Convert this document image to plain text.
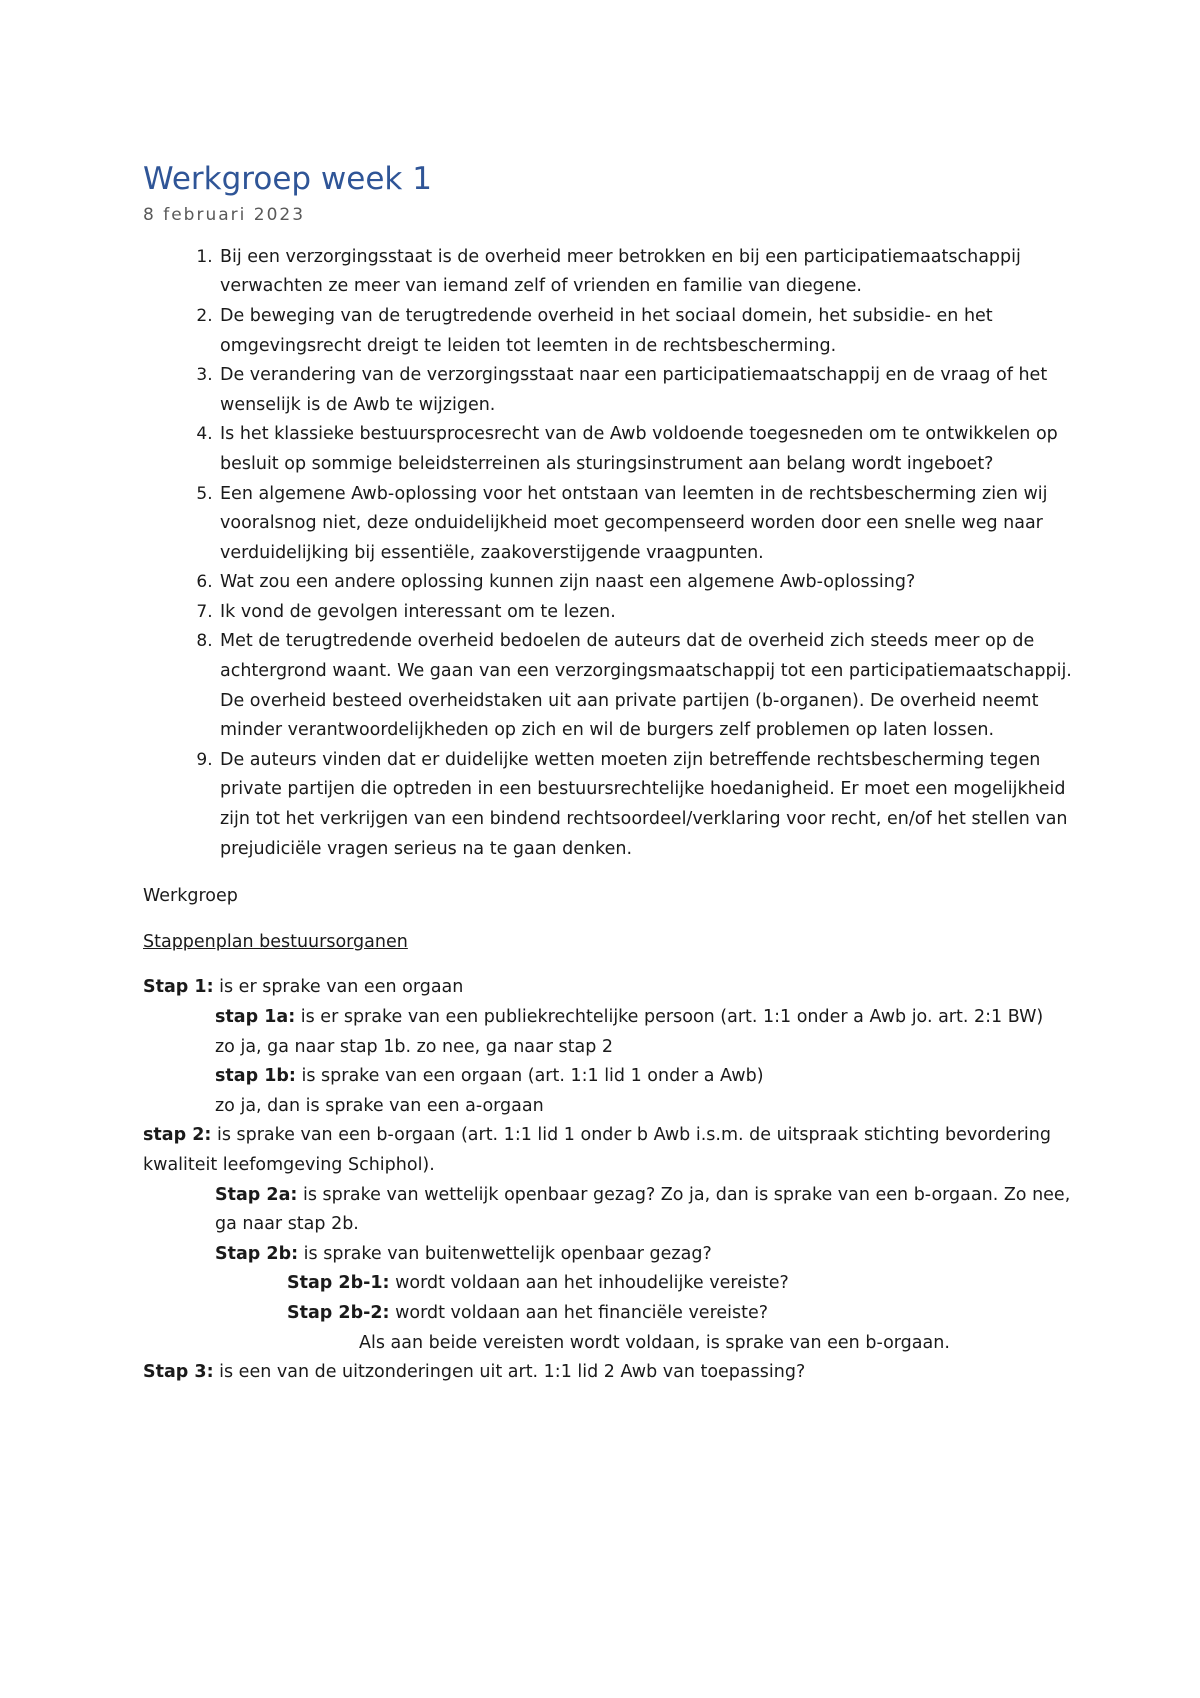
Werkgroep week 1
8 februari 2023
1. Bij een verzorgingsstaat is de overheid meer betrokken en bij een participatiemaatschappij verwachten ze meer van iemand zelf of vrienden en familie van diegene.
2. De beweging van de terugtredende overheid in het sociaal domein, het subsidie- en het omgevingsrecht dreigt te leiden tot leemten in de rechtsbescherming.
3. De verandering van de verzorgingsstaat naar een participatiemaatschappij en de vraag of het wenselijk is de Awb te wijzigen.
4. Is het klassieke bestuursprocesrecht van de Awb voldoende toegesneden om te ontwikkelen op besluit op sommige beleidsterreinen als sturingsinstrument aan belang wordt ingeboet?
5. Een algemene Awb-oplossing voor het ontstaan van leemten in de rechtsbescherming zien wij vooralsnog niet, deze onduidelijkheid moet gecompenseerd worden door een snelle weg naar verduidelijking bij essentiële, zaakoverstijgende vraagpunten.
6. Wat zou een andere oplossing kunnen zijn naast een algemene Awb-oplossing?
7. Ik vond de gevolgen interessant om te lezen.
8. Met de terugtredende overheid bedoelen de auteurs dat de overheid zich steeds meer op de achtergrond waant. We gaan van een verzorgingsmaatschappij tot een participatiemaatschappij. De overheid besteed overheidstaken uit aan private partijen (b-organen). De overheid neemt minder verantwoordelijkheden op zich en wil de burgers zelf problemen op laten lossen.
9. De auteurs vinden dat er duidelijke wetten moeten zijn betreffende rechtsbescherming tegen private partijen die optreden in een bestuursrechtelijke hoedanigheid. Er moet een mogelijkheid zijn tot het verkrijgen van een bindend rechtsoordeel/verklaring voor recht, en/of het stellen van prejudiciële vragen serieus na te gaan denken.

Werkgroep

Stappenplan bestuursorganen

Stap 1: is er sprake van een orgaan

stap 1a: is er sprake van een publiekrechtelijke persoon (art. 1:1 onder a Awb jo. art. 2:1 BW)

zo ja, ga naar stap 1b. zo nee, ga naar stap 2

stap 1b: is sprake van een orgaan (art. 1:1 lid 1 onder a Awb)

zo ja, dan is sprake van een a-orgaan

stap 2: is sprake van een b-orgaan (art. 1:1 lid 1 onder b Awb i.s.m. de uitspraak stichting bevordering kwaliteit leefomgeving Schiphol).

Stap 2a: is sprake van wettelijk openbaar gezag? Zo ja, dan is sprake van een b-orgaan. Zo nee, ga naar stap 2b.

Stap 2b: is sprake van buitenwettelijk openbaar gezag?

Stap 2b-1: wordt voldaan aan het inhoudelijke vereiste?

Stap 2b-2: wordt voldaan aan het financiële vereiste?

Als aan beide vereisten wordt voldaan, is sprake van een b-orgaan.

Stap 3: is een van de uitzonderingen uit art. 1:1 lid 2 Awb van toepassing?
